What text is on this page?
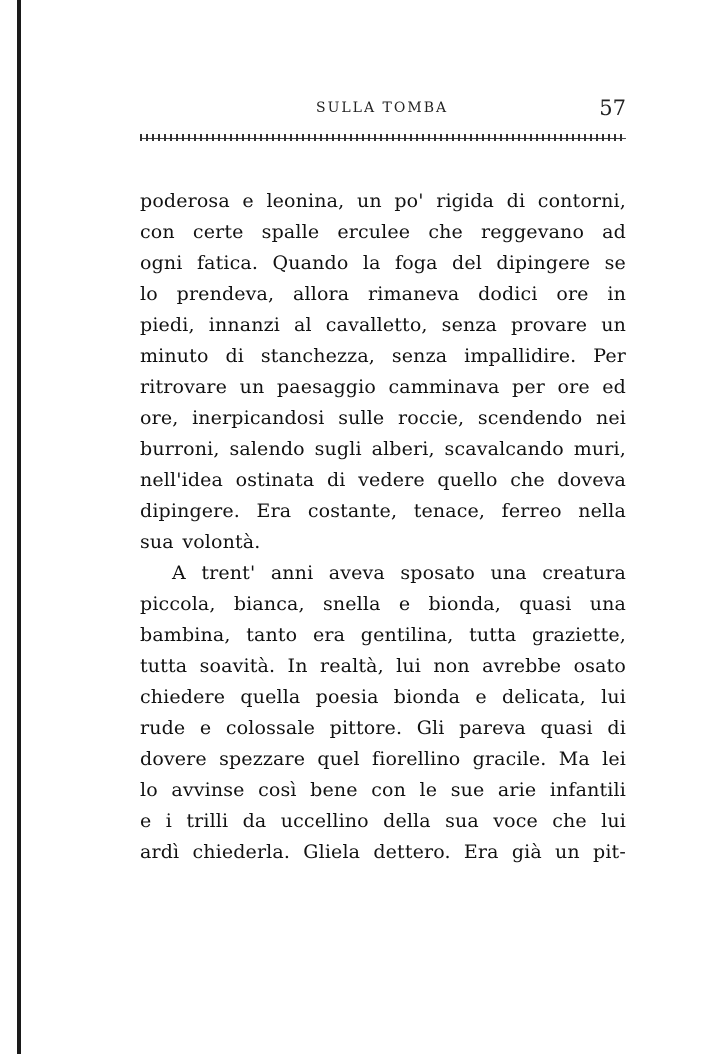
SULLA TOMBA	57
poderosa e leonina, un po' rigida di contorni,
con certe spalle erculee che reggevano ad
ogni fatica. Quando la foga del dipingere se
lo prendeva, allora rimaneva dodici ore in
piedi, innanzi al cavalletto, senza provare un
minuto di stanchezza, senza impallidire. Per
ritrovare un paesaggio camminava per ore ed
ore, inerpicandosi sulle roccie, scendendo nei
burroni, salendo sugli alberi, scavalcando muri,
nell'idea ostinata di vedere quello che doveva
dipingere. Era costante, tenace, ferreo nella
sua volontà.
A trent' anni aveva sposato una creatura
piccola, bianca, snella e bionda, quasi una
bambina, tanto era gentilina, tutta graziette,
tutta soavità. In realtà, lui non avrebbe osato
chiedere quella poesia bionda e delicata, lui
rude e colossale pittore. Gli pareva quasi di
dovere spezzare quel fiorellino gracile. Ma lei
lo avvinse così bene con le sue arie infantili
e i trilli da uccellino della sua voce che lui
ardì chiederla. Gliela dettero. Era già un pit-
